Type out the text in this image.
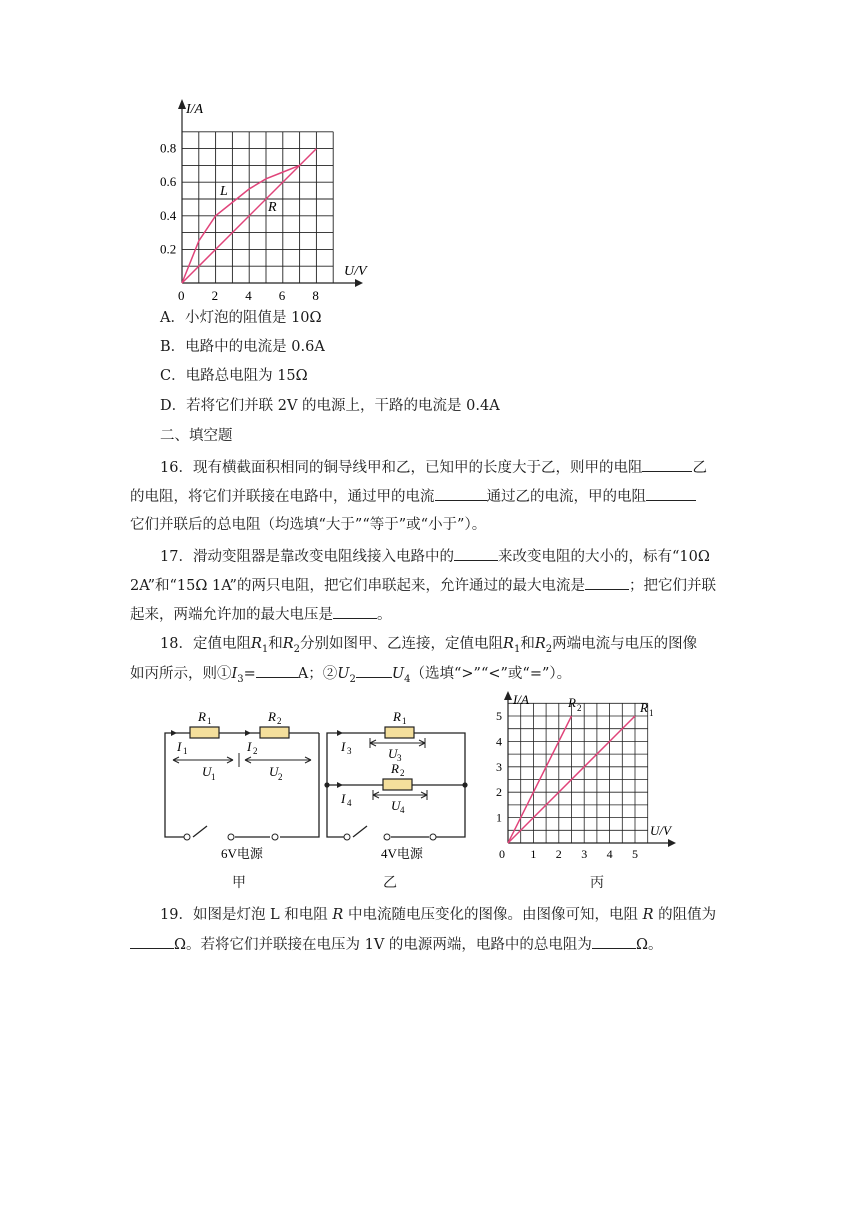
I/A
U/V
0 2 4 6 8
0.2
0.4
0.6
0.8
L
R
A．小灯泡的阻值是 10Ω
B．电路中的电流是 0.6A
C．电路总电阻为 15Ω
D．若将它们并联 2V 的电源上，干路的电流是 0.4A
二、填空题
16．现有横截面积相同的铜导线甲和乙，已知甲的长度大于乙，则甲的电阻	乙
的电阻，将它们并联接在电路中，通过甲的电流	通过乙的电流，甲的电阻
它们并联后的总电阻（均选填“大于”“等于”或“小于”）。
17．滑动变阻器是靠改变电阻线接入电路中的	来改变电阻的大小的，标有“10Ω
2A”和“15Ω 1A”的两只电阻，把它们串联起来，允许通过的最大电流是	；把它们并联
起来，两端允许加的最大电压是	。
18．定值电阻$R_1$和$R_2$分别如图甲、乙连接，定值电阻$R_1$和$R_2$两端电流与电压的图像
如丙所示，则$①I_3=$	A；$②U_2$ $U_4$（选填“>”“<”或“=”）。
R 1	R 2
I 1	I 2
U 1	U 2
6V电源
甲
R 1
R 2
I 3
I 4
U 3
U 4
4V电源
乙
I/A
U/V
0 1 2 3 4 5
1
2
3
4
5
R 1
R 2
丙
19．如图是灯泡 L 和电阻 R 中电流随电压变化的图像。由图像可知，电阻 R 的阻值为
Ω。若将它们并联接在电压为 1V 的电源两端，电路中的总电阻为	Ω。
